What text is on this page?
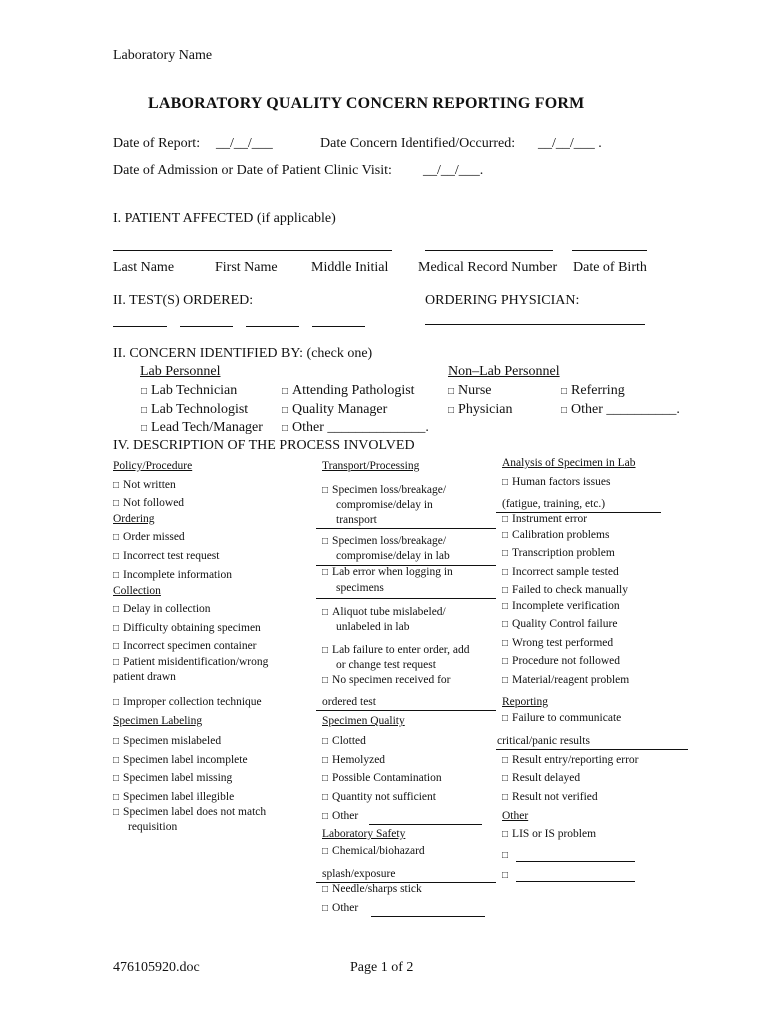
Laboratory Name
LABORATORY QUALITY CONCERN REPORTING FORM
Date of Report: __/__/___	Date Concern Identified/Occurred: __/__/___ .
Date of Admission or Date of Patient Clinic Visit: __/__/___.
I. PATIENT AFFECTED (if applicable)
Last Name	First Name Middle Initial Medical Record Number Date of Birth
II. TEST(S) ORDERED:	ORDERING PHYSICIAN:
II. CONCERN IDENTIFIED BY: (check one)
Lab Personnel	Non–Lab Personnel
□ Lab Technician	□ Attending Pathologist	□ Nurse	□ Referring
□ Lab Technologist	□ Quality Manager	□ Physician	□ Other __________.
□ Lead Tech/Manager □ Other ______________.
IV. DESCRIPTION OF THE PROCESS INVOLVED
Policy/Procedure
□ Not written
□ Not followed
Ordering
□ Order missed
□ Incorrect test request
□ Incomplete information
Collection
□ Delay in collection
□ Difficulty obtaining specimen
□ Incorrect specimen container
□ Patient misidentification/wrong
patient drawn
□ Improper collection technique
Specimen Labeling
□ Specimen mislabeled
□ Specimen label incomplete
□ Specimen label missing
□ Specimen label illegible
□ Specimen label does not match
requisition
Transport/Processing
□ Specimen loss/breakage/
compromise/delay in
transport
□ Specimen loss/breakage/
compromise/delay in lab
□ Lab error when logging in
specimens
□ Aliquot tube mislabeled/
unlabeled in lab
□ Lab failure to enter order, add
or change test request
□ No specimen received for
ordered test
Specimen Quality
□ Clotted
□ Hemolyzed
□ Possible Contamination
□ Quantity not sufficient
□ Other
Laboratory Safety
□ Chemical/biohazard
splash/exposure
□ Needle/sharps stick
□ Other
Analysis of Specimen in Lab
□ Human factors issues
(fatigue, training, etc.)
□ Instrument error
□ Calibration problems
□ Transcription problem
□ Incorrect sample tested
□ Failed to check manually
□ Incomplete verification
□ Quality Control failure
□ Wrong test performed
□ Procedure not followed
□ Material/reagent problem
Reporting
□ Failure to communicate
critical/panic results
□ Result entry/reporting error
□ Result delayed
□ Result not verified
Other
□ LIS or IS problem
□
□
476105920.doc	Page 1 of 2
